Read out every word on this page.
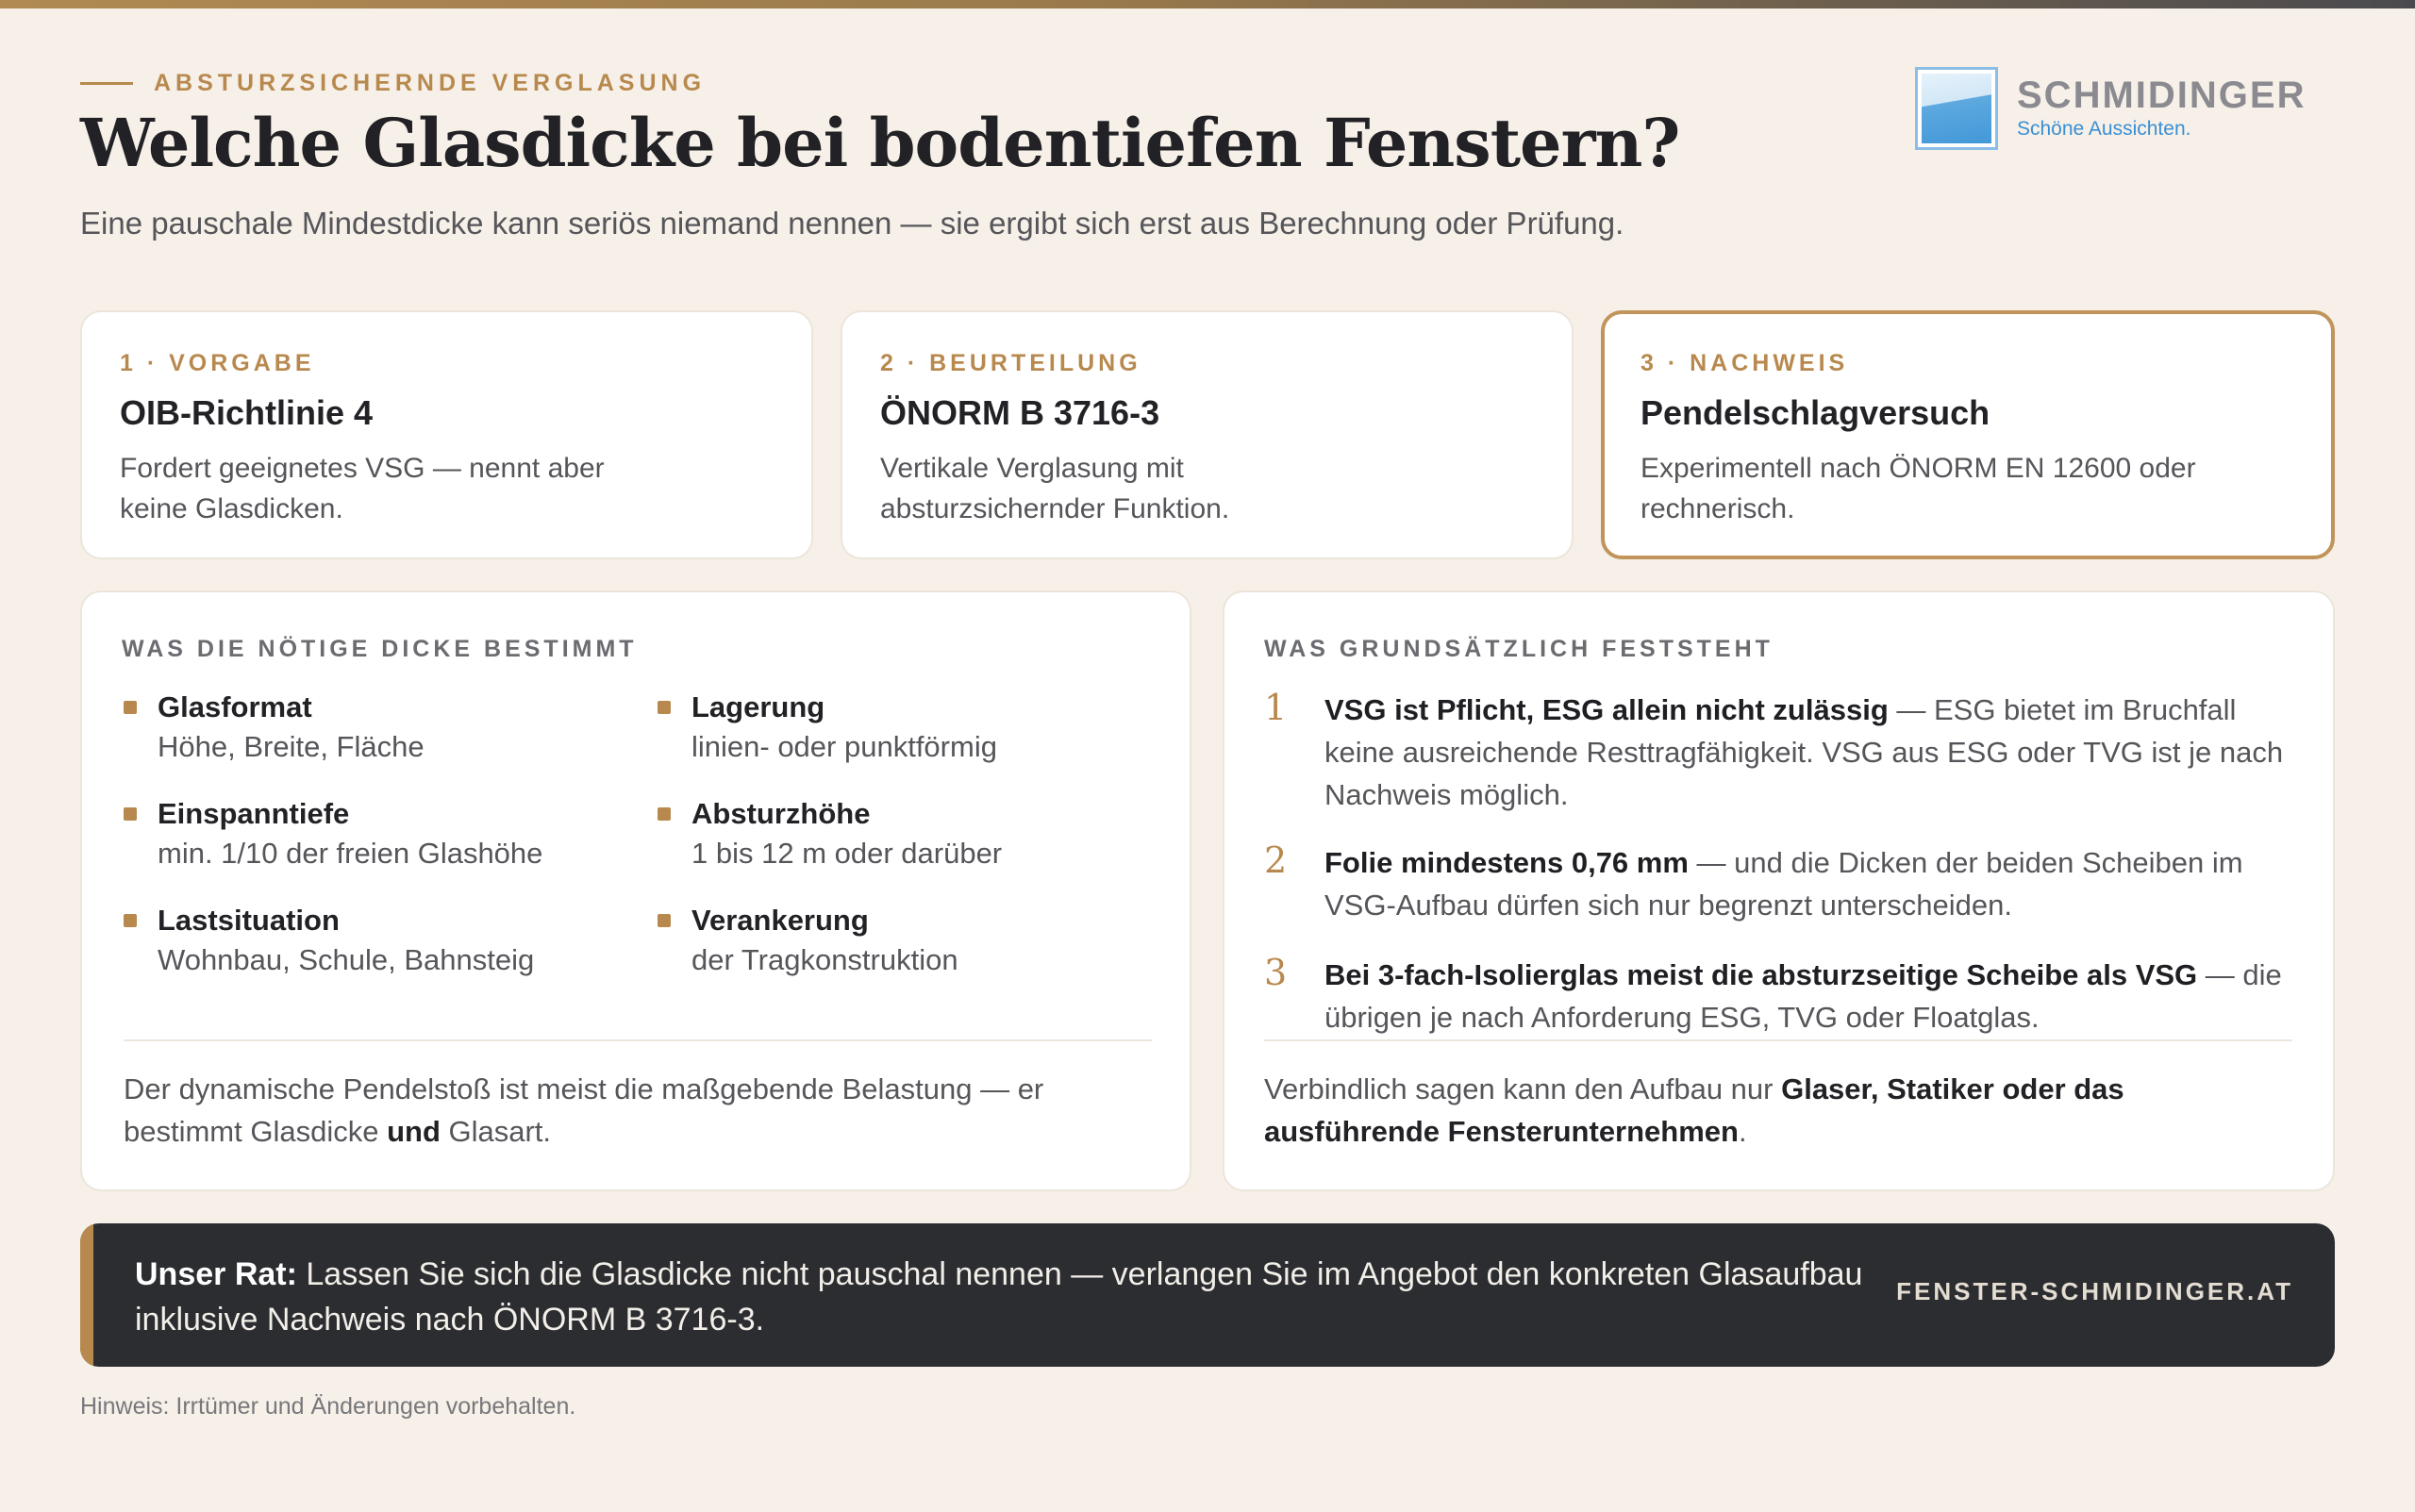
ABSTURZSICHERNDE VERGLASUNG
Welche Glasdicke bei bodentiefen Fenstern?

Eine pauschale Mindestdicke kann seriös niemand nennen — sie ergibt sich erst aus Berechnung oder Prüfung.

SCHMIDINGER
Schöne Aussichten.
1 · VORGABE
OIB-Richtlinie 4
Fordert geeignetes VSG — nennt aber keine Glasdicken.
2 · BEURTEILUNG
ÖNORM B 3716-3
Vertikale Verglasung mit absturzsichernder Funktion.
3 · NACHWEIS
Pendelschlagversuch
Experimentell nach ÖNORM EN 12600 oder rechnerisch.
WAS DIE NÖTIGE DICKE BESTIMMT
Glasformat
Höhe, Breite, Fläche
Lagerung
linien- oder punktförmig
Einspanntiefe
min. 1/10 der freien Glashöhe
Absturzhöhe
1 bis 12 m oder darüber
Lastsituation
Wohnbau, Schule, Bahnsteig
Verankerung
der Tragkonstruktion

Der dynamische Pendelstoß ist meist die maßgebende Belastung — er bestimmt Glasdicke und Glasart.

WAS GRUNDSÄTZLICH FESTSTEHT
1 VSG ist Pflicht, ESG allein nicht zulässig — ESG bietet im Bruchfall keine ausreichende Resttragfähigkeit. VSG aus ESG oder TVG ist je nach Nachweis möglich.

2 Folie mindestens 0,76 mm — und die Dicken der beiden Scheiben im VSG-Aufbau dürfen sich nur begrenzt unterscheiden.

3 Bei 3-fach-Isolierglas meist die absturzseitige Scheibe als VSG — die übrigen je nach Anforderung ESG, TVG oder Floatglas.

Verbindlich sagen kann den Aufbau nur Glaser, Statiker oder das ausführende Fensterunternehmen.

Unser Rat: Lassen Sie sich die Glasdicke nicht pauschal nennen — verlangen Sie im Angebot den konkreten Glasaufbau inklusive Nachweis nach ÖNORM B 3716-3.

FENSTER-SCHMIDINGER.AT

Hinweis: Irrtümer und Änderungen vorbehalten.
